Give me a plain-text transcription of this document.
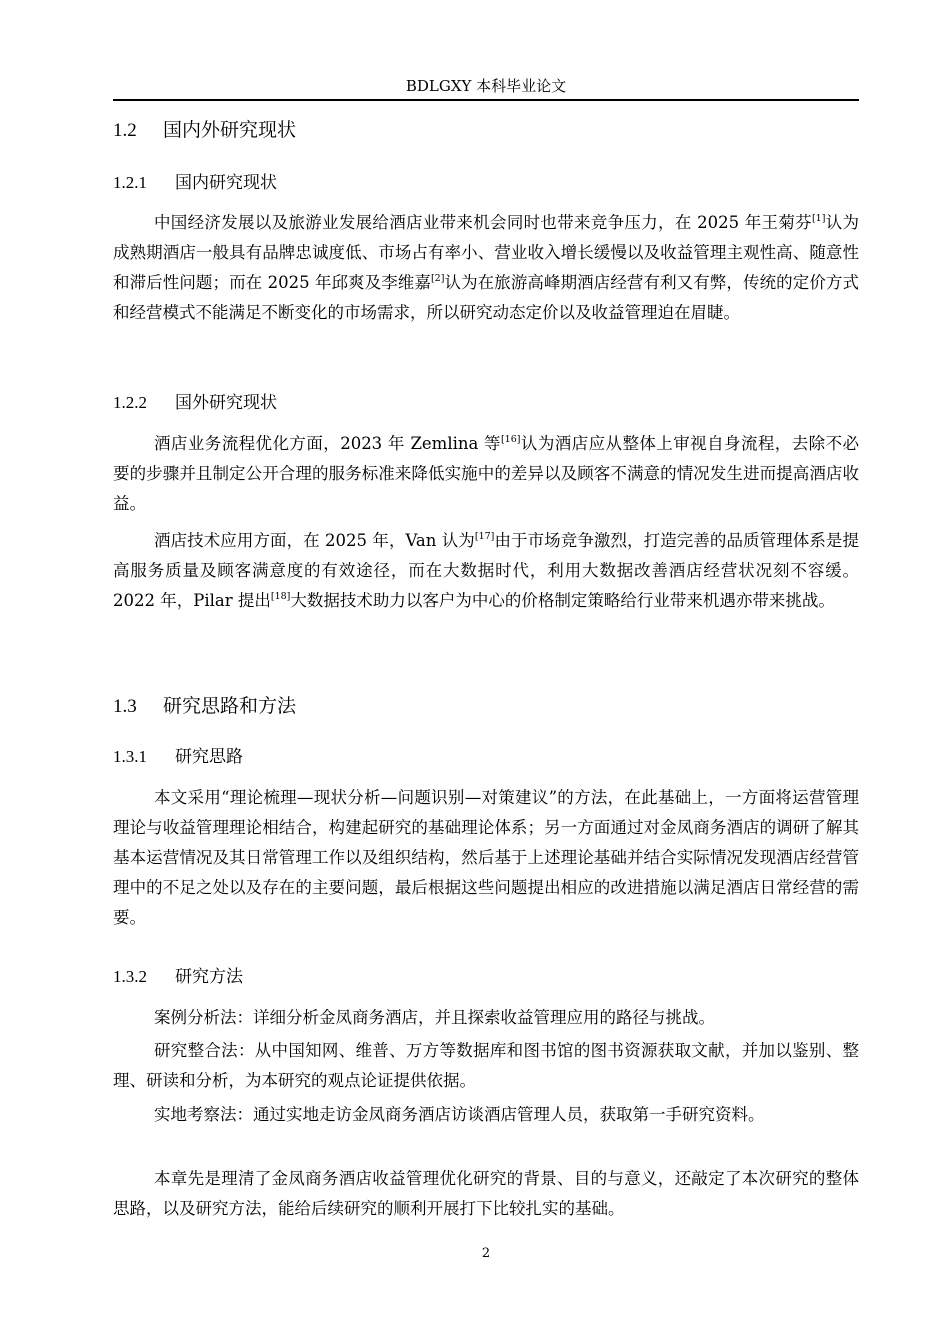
BDLGXY 本科毕业论文
1.2 国内外研究现状
1.2.1 国内研究现状

中国经济发展以及旅游业发展给酒店业带来机会同时也带来竞争压力，在 2025 年王菊芬[1]认为成熟期酒店一般具有品牌忠诚度低、市场占有率小、营业收入增长缓慢以及收益管理主观性高、随意性和滞后性问题；而在 2025 年邱爽及李维嘉[2]认为在旅游高峰期酒店经营有利又有弊，传统的定价方式和经营模式不能满足不断变化的市场需求，所以研究动态定价以及收益管理迫在眉睫。

1.2.2 国外研究现状

酒店业务流程优化方面，2023 年 Zemlina 等[16]认为酒店应从整体上审视自身流程，去除不必要的步骤并且制定公开合理的服务标准来降低实施中的差异以及顾客不满意的情况发生进而提高酒店收益。

酒店技术应用方面，在 2025 年，Van 认为[17]由于市场竞争激烈，打造完善的品质管理体系是提高服务质量及顾客满意度的有效途径，而在大数据时代，利用大数据改善酒店经营状况刻不容缓。2022 年，Pilar 提出[18]大数据技术助力以客户为中心的价格制定策略给行业带来机遇亦带来挑战。

1.3 研究思路和方法
1.3.1 研究思路

本文采用“理论梳理—现状分析—问题识别—对策建议”的方法，在此基础上，一方面将运营管理理论与收益管理理论相结合，构建起研究的基础理论体系；另一方面通过对金凤商务酒店的调研了解其基本运营情况及其日常管理工作以及组织结构，然后基于上述理论基础并结合实际情况发现酒店经营管理中的不足之处以及存在的主要问题，最后根据这些问题提出相应的改进措施以满足酒店日常经营的需要。

1.3.2 研究方法

案例分析法：详细分析金凤商务酒店，并且探索收益管理应用的路径与挑战。

研究整合法：从中国知网、维普、万方等数据库和图书馆的图书资源获取文献，并加以鉴别、整理、研读和分析，为本研究的观点论证提供依据。

实地考察法：通过实地走访金凤商务酒店访谈酒店管理人员，获取第一手研究资料。

本章先是理清了金凤商务酒店收益管理优化研究的背景、目的与意义，还敲定了本次研究的整体思路，以及研究方法，能给后续研究的顺利开展打下比较扎实的基础。

2
